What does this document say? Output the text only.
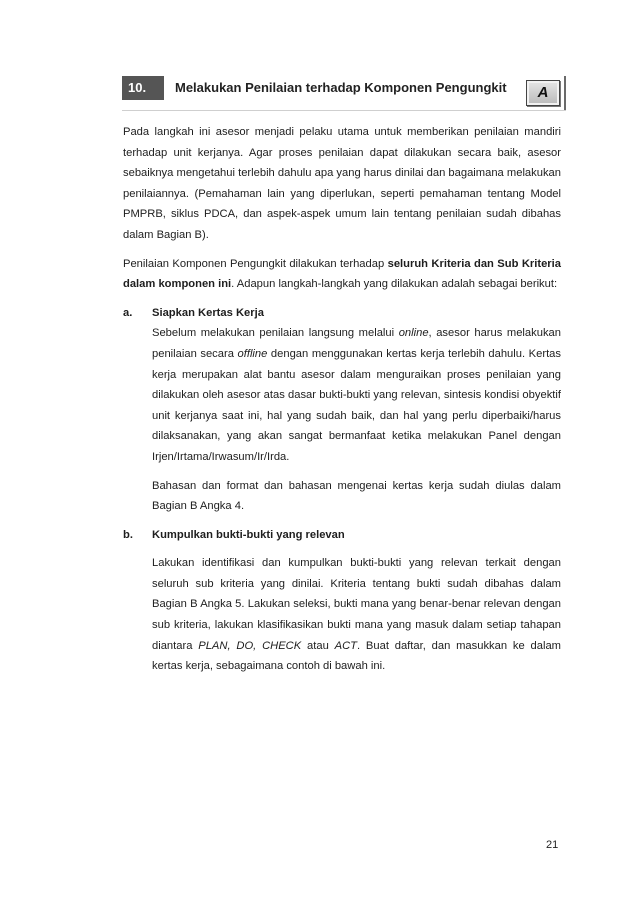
10.	Melakukan Penilaian terhadap Komponen Pengungkit	A

Pada langkah ini asesor menjadi pelaku utama untuk memberikan penilaian mandiri terhadap unit kerjanya. Agar proses penilaian dapat dilakukan secara baik, asesor sebaiknya mengetahui terlebih dahulu apa yang harus dinilai dan bagaimana melakukan penilaiannya. (Pemahaman lain yang diperlukan, seperti pemahaman tentang Model PMPRB, siklus PDCA, dan aspek-aspek umum lain tentang penilaian sudah dibahas dalam Bagian B).

Penilaian Komponen Pengungkit dilakukan terhadap seluruh Kriteria dan Sub Kriteria dalam komponen ini. Adapun langkah-langkah yang dilakukan adalah sebagai berikut:

a. Siapkan Kertas Kerja

Sebelum melakukan penilaian langsung melalui online, asesor harus melakukan penilaian secara offline dengan menggunakan kertas kerja terlebih dahulu. Kertas kerja merupakan alat bantu asesor dalam menguraikan proses penilaian yang dilakukan oleh asesor atas dasar bukti-bukti yang relevan, sintesis kondisi obyektif unit kerjanya saat ini, hal yang sudah baik, dan hal yang perlu diperbaiki/harus dilaksanakan, yang akan sangat bermanfaat ketika melakukan Panel dengan Irjen/Irtama/Irwasum/Ir/Irda.

Bahasan dan format dan bahasan mengenai kertas kerja sudah diulas dalam Bagian B Angka 4.

b. Kumpulkan bukti-bukti yang relevan

Lakukan identifikasi dan kumpulkan bukti-bukti yang relevan terkait dengan seluruh sub kriteria yang dinilai. Kriteria tentang bukti sudah dibahas dalam Bagian B Angka 5. Lakukan seleksi, bukti mana yang benar-benar relevan dengan sub kriteria, lakukan klasifikasikan bukti mana yang masuk dalam setiap tahapan diantara PLAN, DO, CHECK atau ACT. Buat daftar, dan masukkan ke dalam kertas kerja, sebagaimana contoh di bawah ini.

21
